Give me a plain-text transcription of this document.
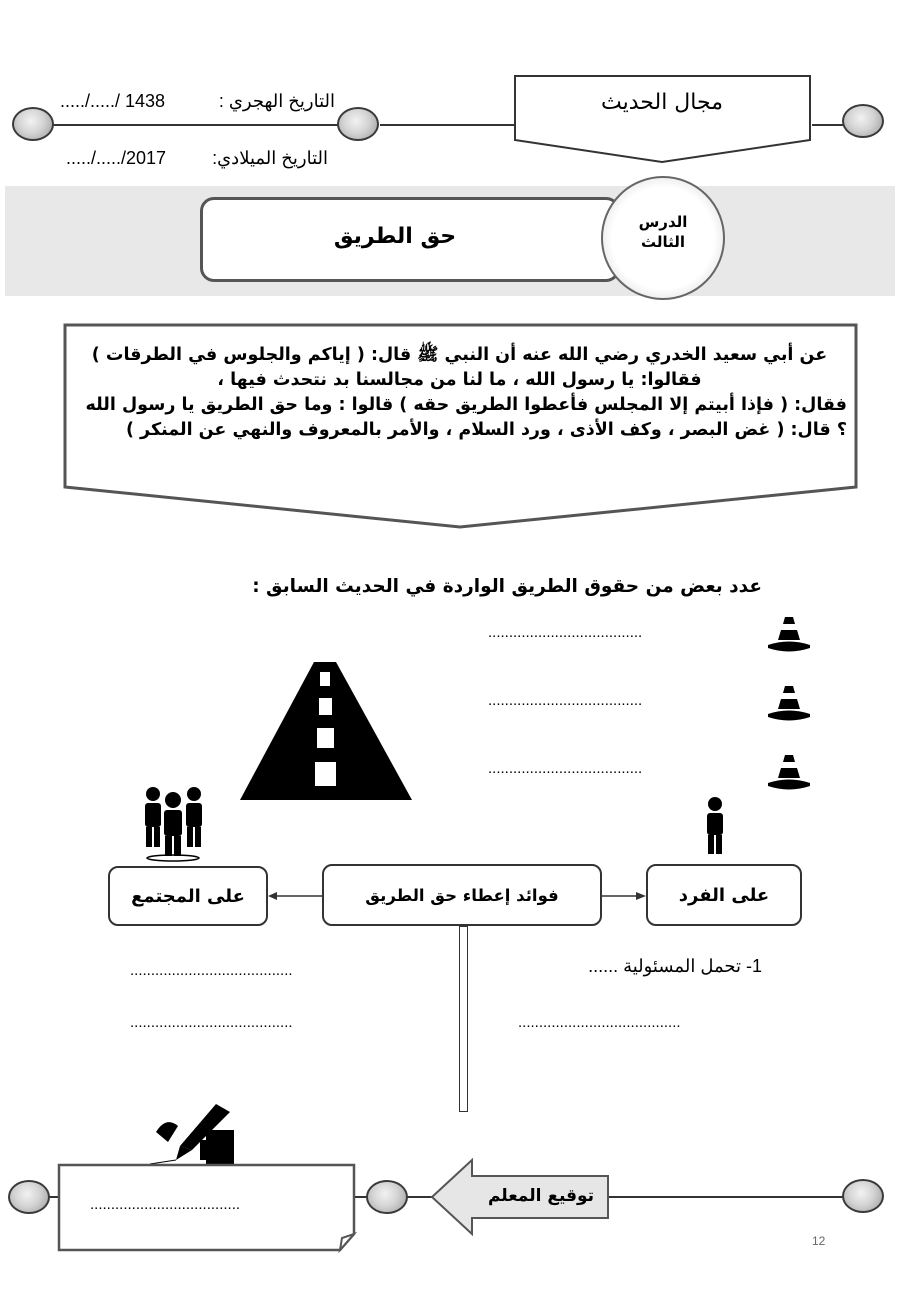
...../...../ 1438	التاريخ الهجري :
...../...../2017	التاريخ الميلادي:
مجال الحديث
حق الطريق
الدرس
الثالث

عن أبي سعيد الخدري رضي الله عنه أن النبي ﷺ قال: ( إياكم والجلوس في الطرقات )

فقالوا: يا رسول الله ، ما لنا من مجالسنا بد نتحدث فيها ،

فقال: ( فإذا أبيتم إلا المجلس فأعطوا الطريق حقه ) قالوا : وما حق الطريق يا رسول الله

؟ قال: ( غض البصر ، وكف الأذى ، ورد السلام ، والأمر بالمعروف والنهي عن المنكر )

عدد بعض من حقوق الطريق الواردة في الحديث السابق :
.....................................
.....................................
.....................................
على المجتمع	فوائد إعطاء حق الطريق	على الفرد
1- تحمل المسئولية ......
.......................................
.......................................
.......................................
....................................	توقيع المعلم
12
